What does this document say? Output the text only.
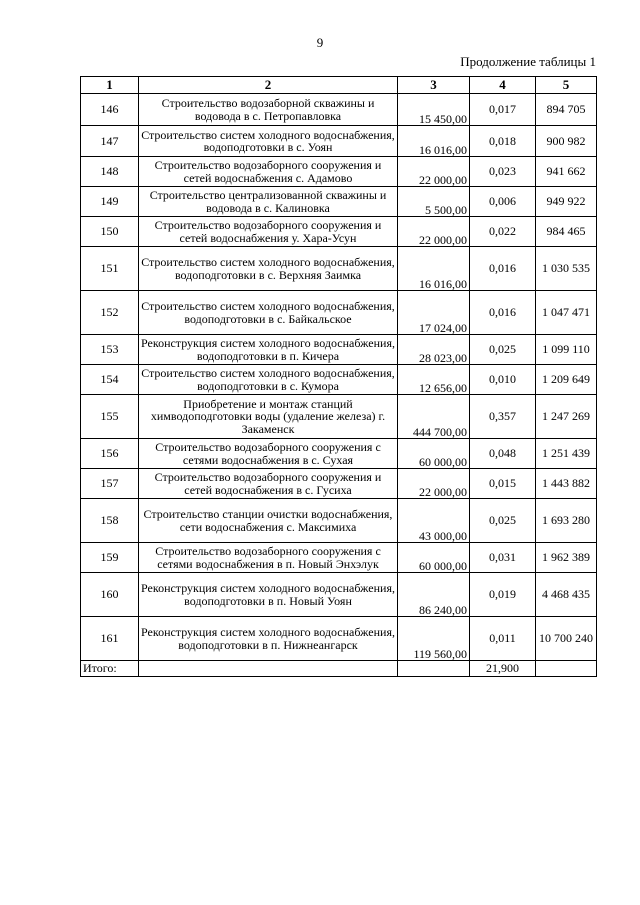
9
Продолжение таблицы 1
1	2	3	4	5
146	Строительство водозаборной скважины и водовода в с. Петропавловка	15 450,00	0,017	894 705
147	Строительство систем холодного водоснабжения, водоподготовки в с. Уоян	16 016,00	0,018	900 982
148	Строительство водозаборного сооружения и сетей водоснабжения с. Адамово	22 000,00	0,023	941 662
149	Строительство централизованной скважины и водовода в с. Калиновка	5 500,00	0,006	949 922
150	Строительство водозаборного сооружения и сетей водоснабжения у. Хара-Усун	22 000,00	0,022	984 465
151	Строительство систем холодного водоснабжения, водоподготовки в с. Верхняя Заимка	16 016,00	0,016	1 030 535
152	Строительство систем холодного водоснабжения, водоподготовки в с. Байкальское	17 024,00	0,016	1 047 471
153	Реконструкция систем холодного водоснабжения, водоподготовки в п. Кичера	28 023,00	0,025	1 099 110
154	Строительство систем холодного водоснабжения, водоподготовки в с. Кумора	12 656,00	0,010	1 209 649
155	Приобретение и монтаж станций химводоподготовки воды (удаление железа) г. Закаменск	444 700,00	0,357	1 247 269
156	Строительство водозаборного сооружения с сетями водоснабжения в с. Сухая	60 000,00	0,048	1 251 439
157	Строительство водозаборного сооружения и сетей водоснабжения в с. Гусиха	22 000,00	0,015	1 443 882
158	Строительство станции очистки водоснабжения, сети водоснабжения с. Максимиха	43 000,00	0,025	1 693 280
159	Строительство водозаборного сооружения с сетями водоснабжения в п. Новый Энхэлук	60 000,00	0,031	1 962 389
160	Реконструкция систем холодного водоснабжения, водоподготовки в п. Новый Уоян	86 240,00	0,019	4 468 435
161	Реконструкция систем холодного водоснабжения, водоподготовки в п. Нижнеангарск	119 560,00	0,011	10 700 240
Итого:			21,900	
